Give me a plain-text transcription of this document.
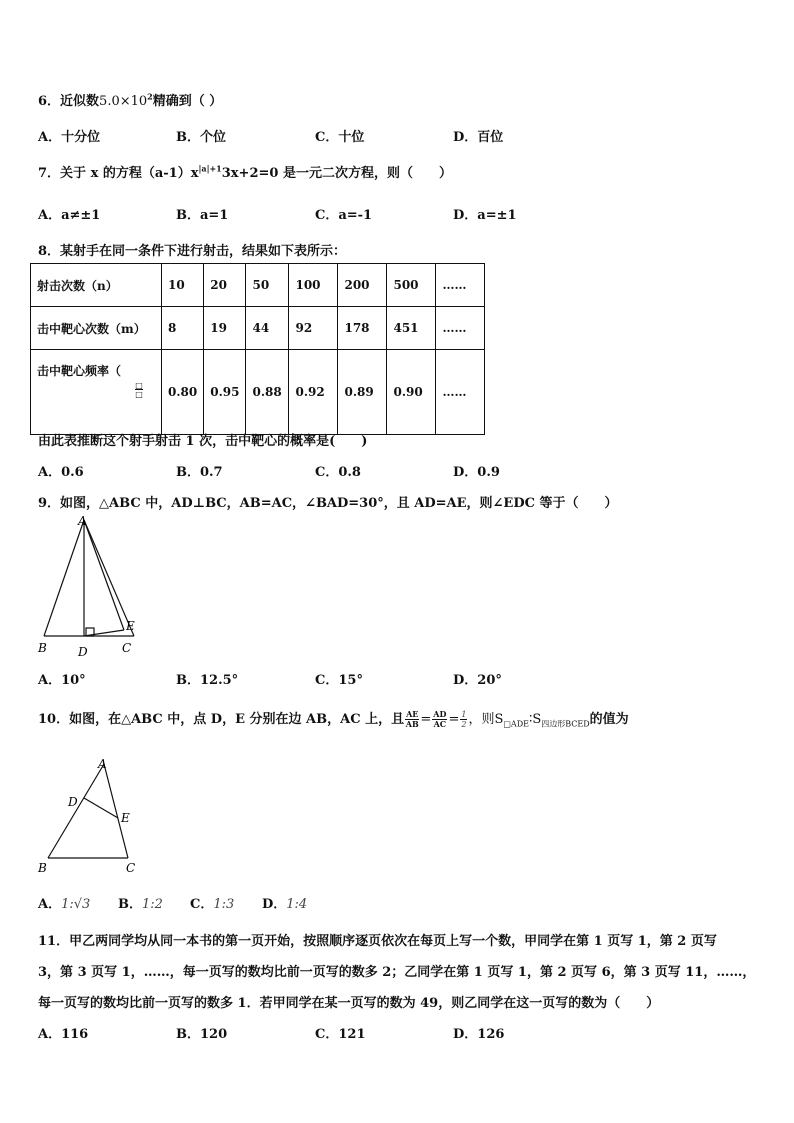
6．近似数$5.0\times 10^2$精确到（ ）
A．十分位	B．个位	C．十位	D．百位
7．关于 x 的方程$(a-1)x^{|a|+1}3x+2=0$ 是一元二次方程，则（　　）
A．a≠±1	B．a=1	C．a=-1	D．a=±1
8．某射手在同一条件下进行射击，结果如下表所示：
射击次数（n）	10	20	50	100	200	500	……
击中靶心次数（m）	8	19	44	92	178	451	……
击中靶心频率（
□
□	0.80	0.95	0.88	0.92	0.89	0.90	……
由此表推断这个射手射击 1 次，击中靶心的概率是(　　)
A．0.6	B．0.7	C．0.8	D．0.9
9．如图，△ABC 中，AD⊥BC，AB=AC，∠BAD=30°，且 AD=AE，则∠EDC 等于（　　）
A
B	D	C
E
A．10°	B．12.5°	C．15°	D．20°
10．如图，在△ABC 中，点 D，E 分别在边 AB，AC 上，且 $\frac{AE}{AB} = \frac{AD}{AC} = \frac{1}{2}$ ，则$S_{□ADE}∶S_{四边形BCED}$的值为
A
D
E
B	C
A．1:√3 B．1:2 C．1:3 D．1:4
11．甲乙两同学均从同一本书的第一页开始，按照顺序逐页依次在每页上写一个数，甲同学在第 1 页写 1，第 2 页写
3，第 3 页写 1，……，每一页写的数均比前一页写的数多 2；乙同学在第 1 页写 1，第 2 页写 6，第 3 页写 11，……，
每一页写的数均比前一页写的数多 1．若甲同学在某一页写的数为 49，则乙同学在这一页写的数为（　　）
A．116	B．120	C．121	D．126
